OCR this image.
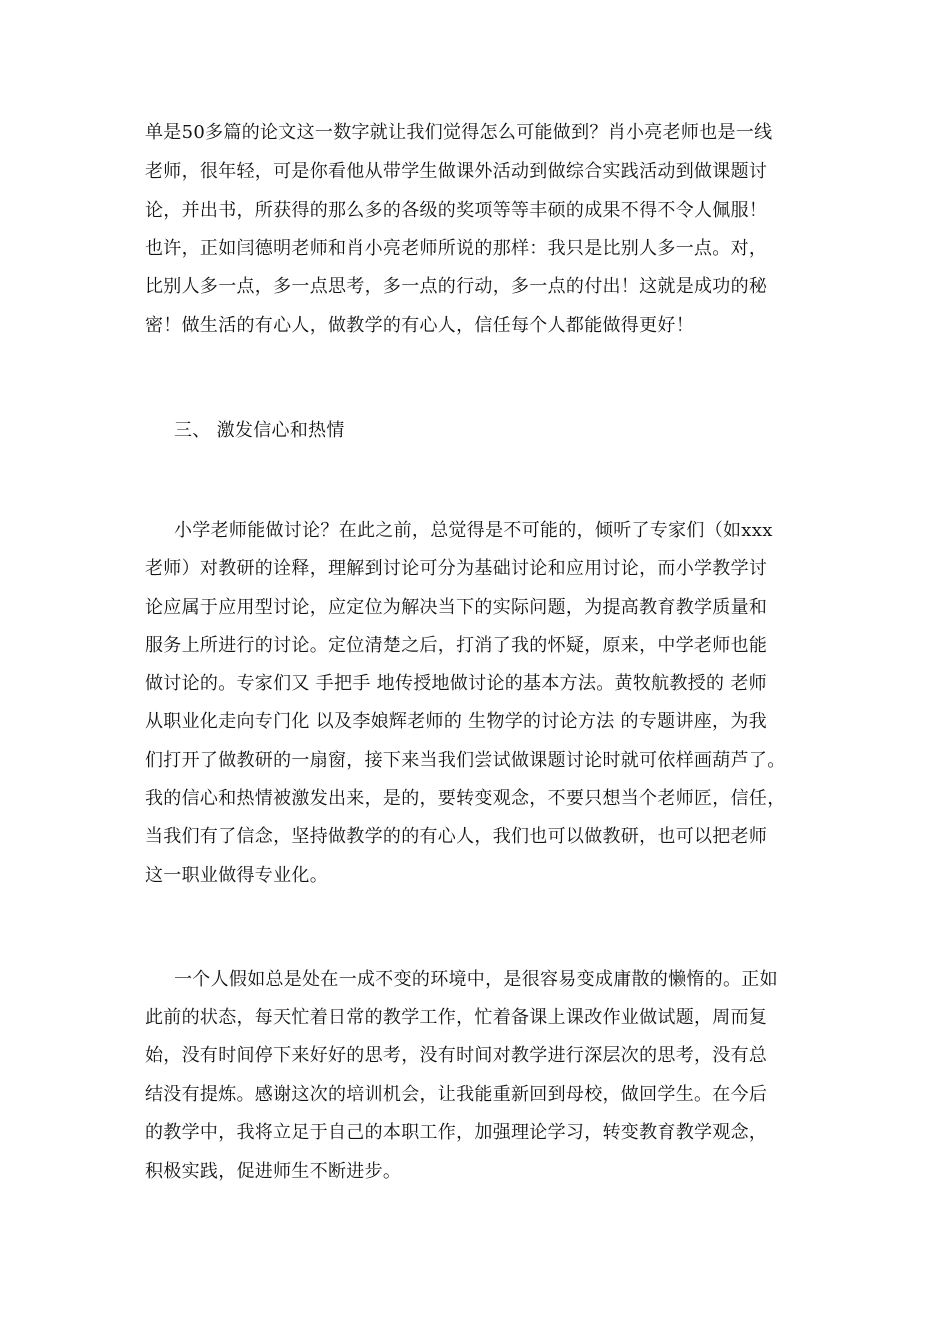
单是50多篇的论文这一数字就让我们觉得怎么可能做到？肖小亮老师也是一线
老师，很年轻，可是你看他从带学生做课外活动到做综合实践活动到做课题讨
论，并出书，所获得的那么多的各级的奖项等等丰硕的成果不得不令人佩服！
也许，正如闫德明老师和肖小亮老师所说的那样：我只是比别人多一点。对，
比别人多一点，多一点思考，多一点的行动，多一点的付出！这就是成功的秘
密！做生活的有心人，做教学的有心人，信任每个人都能做得更好！
三、 激发信心和热情
小学老师能做讨论？在此之前，总觉得是不可能的，倾听了专家们（如xxx
老师）对教研的诠释，理解到讨论可分为基础讨论和应用讨论，而小学教学讨
论应属于应用型讨论，应定位为解决当下的实际问题，为提高教育教学质量和
服务上所进行的讨论。定位清楚之后，打消了我的怀疑，原来，中学老师也能
做讨论的。专家们又 手把手 地传授地做讨论的基本方法。黄牧航教授的 老师
从职业化走向专门化 以及李娘辉老师的 生物学的讨论方法 的专题讲座，为我
们打开了做教研的一扇窗，接下来当我们尝试做课题讨论时就可依样画葫芦了。
我的信心和热情被激发出来，是的，要转变观念，不要只想当个老师匠，信任，
当我们有了信念，坚持做教学的的有心人，我们也可以做教研，也可以把老师
这一职业做得专业化。
一个人假如总是处在一成不变的环境中，是很容易变成庸散的懒惰的。正如
此前的状态，每天忙着日常的教学工作，忙着备课上课改作业做试题，周而复
始，没有时间停下来好好的思考，没有时间对教学进行深层次的思考，没有总
结没有提炼。感谢这次的培训机会，让我能重新回到母校，做回学生。在今后
的教学中，我将立足于自己的本职工作，加强理论学习，转变教育教学观念，
积极实践，促进师生不断进步。
